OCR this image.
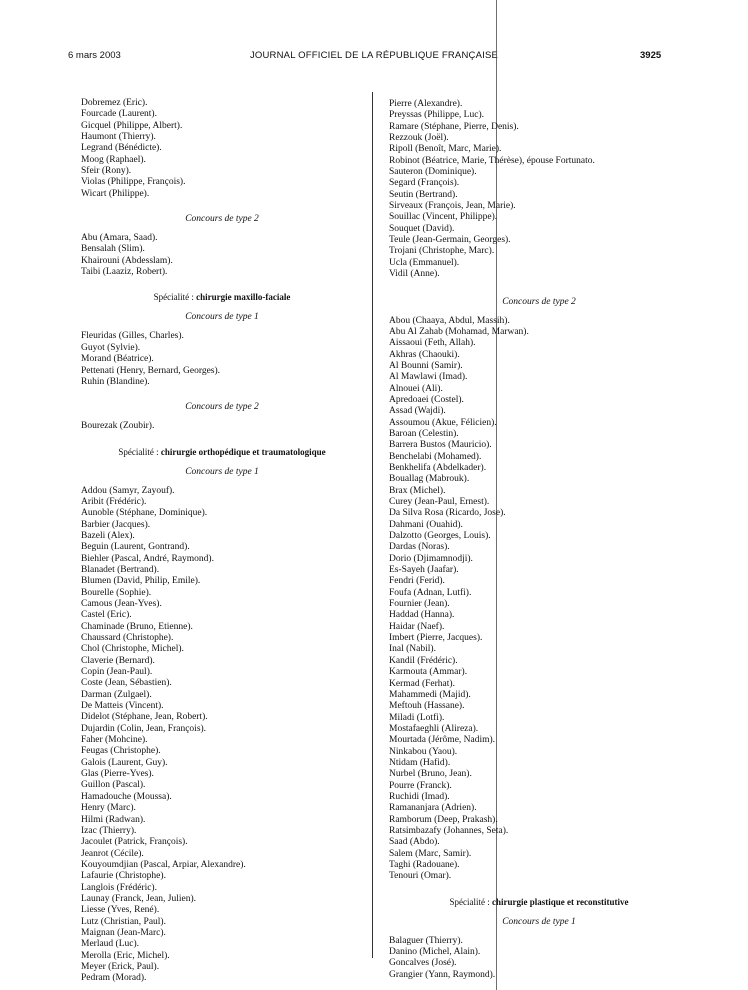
6 mars 2003	JOURNAL OFFICIEL DE LA RÉPUBLIQUE FRANÇAISE	3925
Dobremez (Eric).
Fourcade (Laurent).
Gicquel (Philippe, Albert).
Haumont (Thierry).
Legrand (Bénédicte).
Moog (Raphael).
Sfeir (Rony).
Violas (Philippe, François).
Wicart (Philippe).
Concours de type 2
Abu (Amara, Saad).
Bensalah (Slim).
Khairouni (Abdesslam).
Taibi (Laaziz, Robert).
Spécialité : chirurgie maxillo-faciale
Concours de type 1
Fleuridas (Gilles, Charles).
Guyot (Sylvie).
Morand (Béatrice).
Pettenati (Henry, Bernard, Georges).
Ruhin (Blandine).
Concours de type 2
Bourezak (Zoubir).
Spécialité : chirurgie orthopédique et traumatologique
Concours de type 1
Addou (Samyr, Zayouf).
Aribit (Frédéric).
Aunoble (Stéphane, Dominique).
Barbier (Jacques).
Bazeli (Alex).
Beguin (Laurent, Gontrand).
Biehler (Pascal, André, Raymond).
Blanadet (Bertrand).
Blumen (David, Philip, Emile).
Bourelle (Sophie).
Camous (Jean-Yves).
Castel (Eric).
Chaminade (Bruno, Etienne).
Chaussard (Christophe).
Chol (Christophe, Michel).
Claverie (Bernard).
Copin (Jean-Paul).
Coste (Jean, Sébastien).
Darman (Zulgael).
De Matteis (Vincent).
Didelot (Stéphane, Jean, Robert).
Dujardin (Colin, Jean, François).
Faher (Mohcine).
Feugas (Christophe).
Galois (Laurent, Guy).
Glas (Pierre-Yves).
Guillon (Pascal).
Hamadouche (Moussa).
Henry (Marc).
Hilmi (Radwan).
Izac (Thierry).
Jacoulet (Patrick, François).
Jeanrot (Cécile).
Kouyoumdjian (Pascal, Arpiar, Alexandre).
Lafaurie (Christophe).
Langlois (Frédéric).
Launay (Franck, Jean, Julien).
Liesse (Yves, René).
Lutz (Christian, Paul).
Maignan (Jean-Marc).
Merlaud (Luc).
Merolla (Eric, Michel).
Meyer (Erick, Paul).
Pedram (Morad).
Pierre (Alexandre).
Preyssas (Philippe, Luc).
Ramare (Stéphane, Pierre, Denis).
Rezzouk (Joël).
Ripoll (Benoît, Marc, Marie).
Robinot (Béatrice, Marie, Thérèse), épouse Fortunato.
Sauteron (Dominique).
Segard (François).
Seutin (Bertrand).
Sirveaux (François, Jean, Marie).
Souillac (Vincent, Philippe).
Souquet (David).
Teule (Jean-Germain, Georges).
Trojani (Christophe, Marc).
Ucla (Emmanuel).
Vidil (Anne).
Concours de type 2
Abou (Chaaya, Abdul, Massih).
Abu Al Zahab (Mohamad, Marwan).
Aissaoui (Feth, Allah).
Akhras (Chaouki).
Al Bounni (Samir).
Al Mawlawi (Imad).
Alnouei (Ali).
Apredoaei (Costel).
Assad (Wajdi).
Assoumou (Akue, Félicien).
Baroan (Celestin).
Barrera Bustos (Mauricio).
Benchelabi (Mohamed).
Benkhelifa (Abdelkader).
Bouallag (Mabrouk).
Brax (Michel).
Curey (Jean-Paul, Ernest).
Da Silva Rosa (Ricardo, Jose).
Dahmani (Ouahid).
Dalzotto (Georges, Louis).
Dardas (Noras).
Dorio (Djimamnodji).
Es-Sayeh (Jaafar).
Fendri (Ferid).
Foufa (Adnan, Lutfi).
Fournier (Jean).
Haddad (Hanna).
Haidar (Naef).
Imbert (Pierre, Jacques).
Inal (Nabil).
Kandil (Frédéric).
Karmouta (Ammar).
Kermad (Ferhat).
Mahammedi (Majid).
Meftouh (Hassane).
Miladi (Lotfi).
Mostafaeghli (Alireza).
Mourtada (Jérôme, Nadim).
Ninkabou (Yaou).
Ntidam (Hafid).
Nurbel (Bruno, Jean).
Pourre (Franck).
Ruchidi (Imad).
Ramananjara (Adrien).
Ramborum (Deep, Prakash).
Ratsimbazafy (Johannes, Seta).
Saad (Abdo).
Salem (Marc, Samir).
Taghi (Radouane).
Tenouri (Omar).
Spécialité : chirurgie plastique et reconstitutive
Concours de type 1
Balaguer (Thierry).
Danino (Michel, Alain).
Goncalves (José).
Grangier (Yann, Raymond).
